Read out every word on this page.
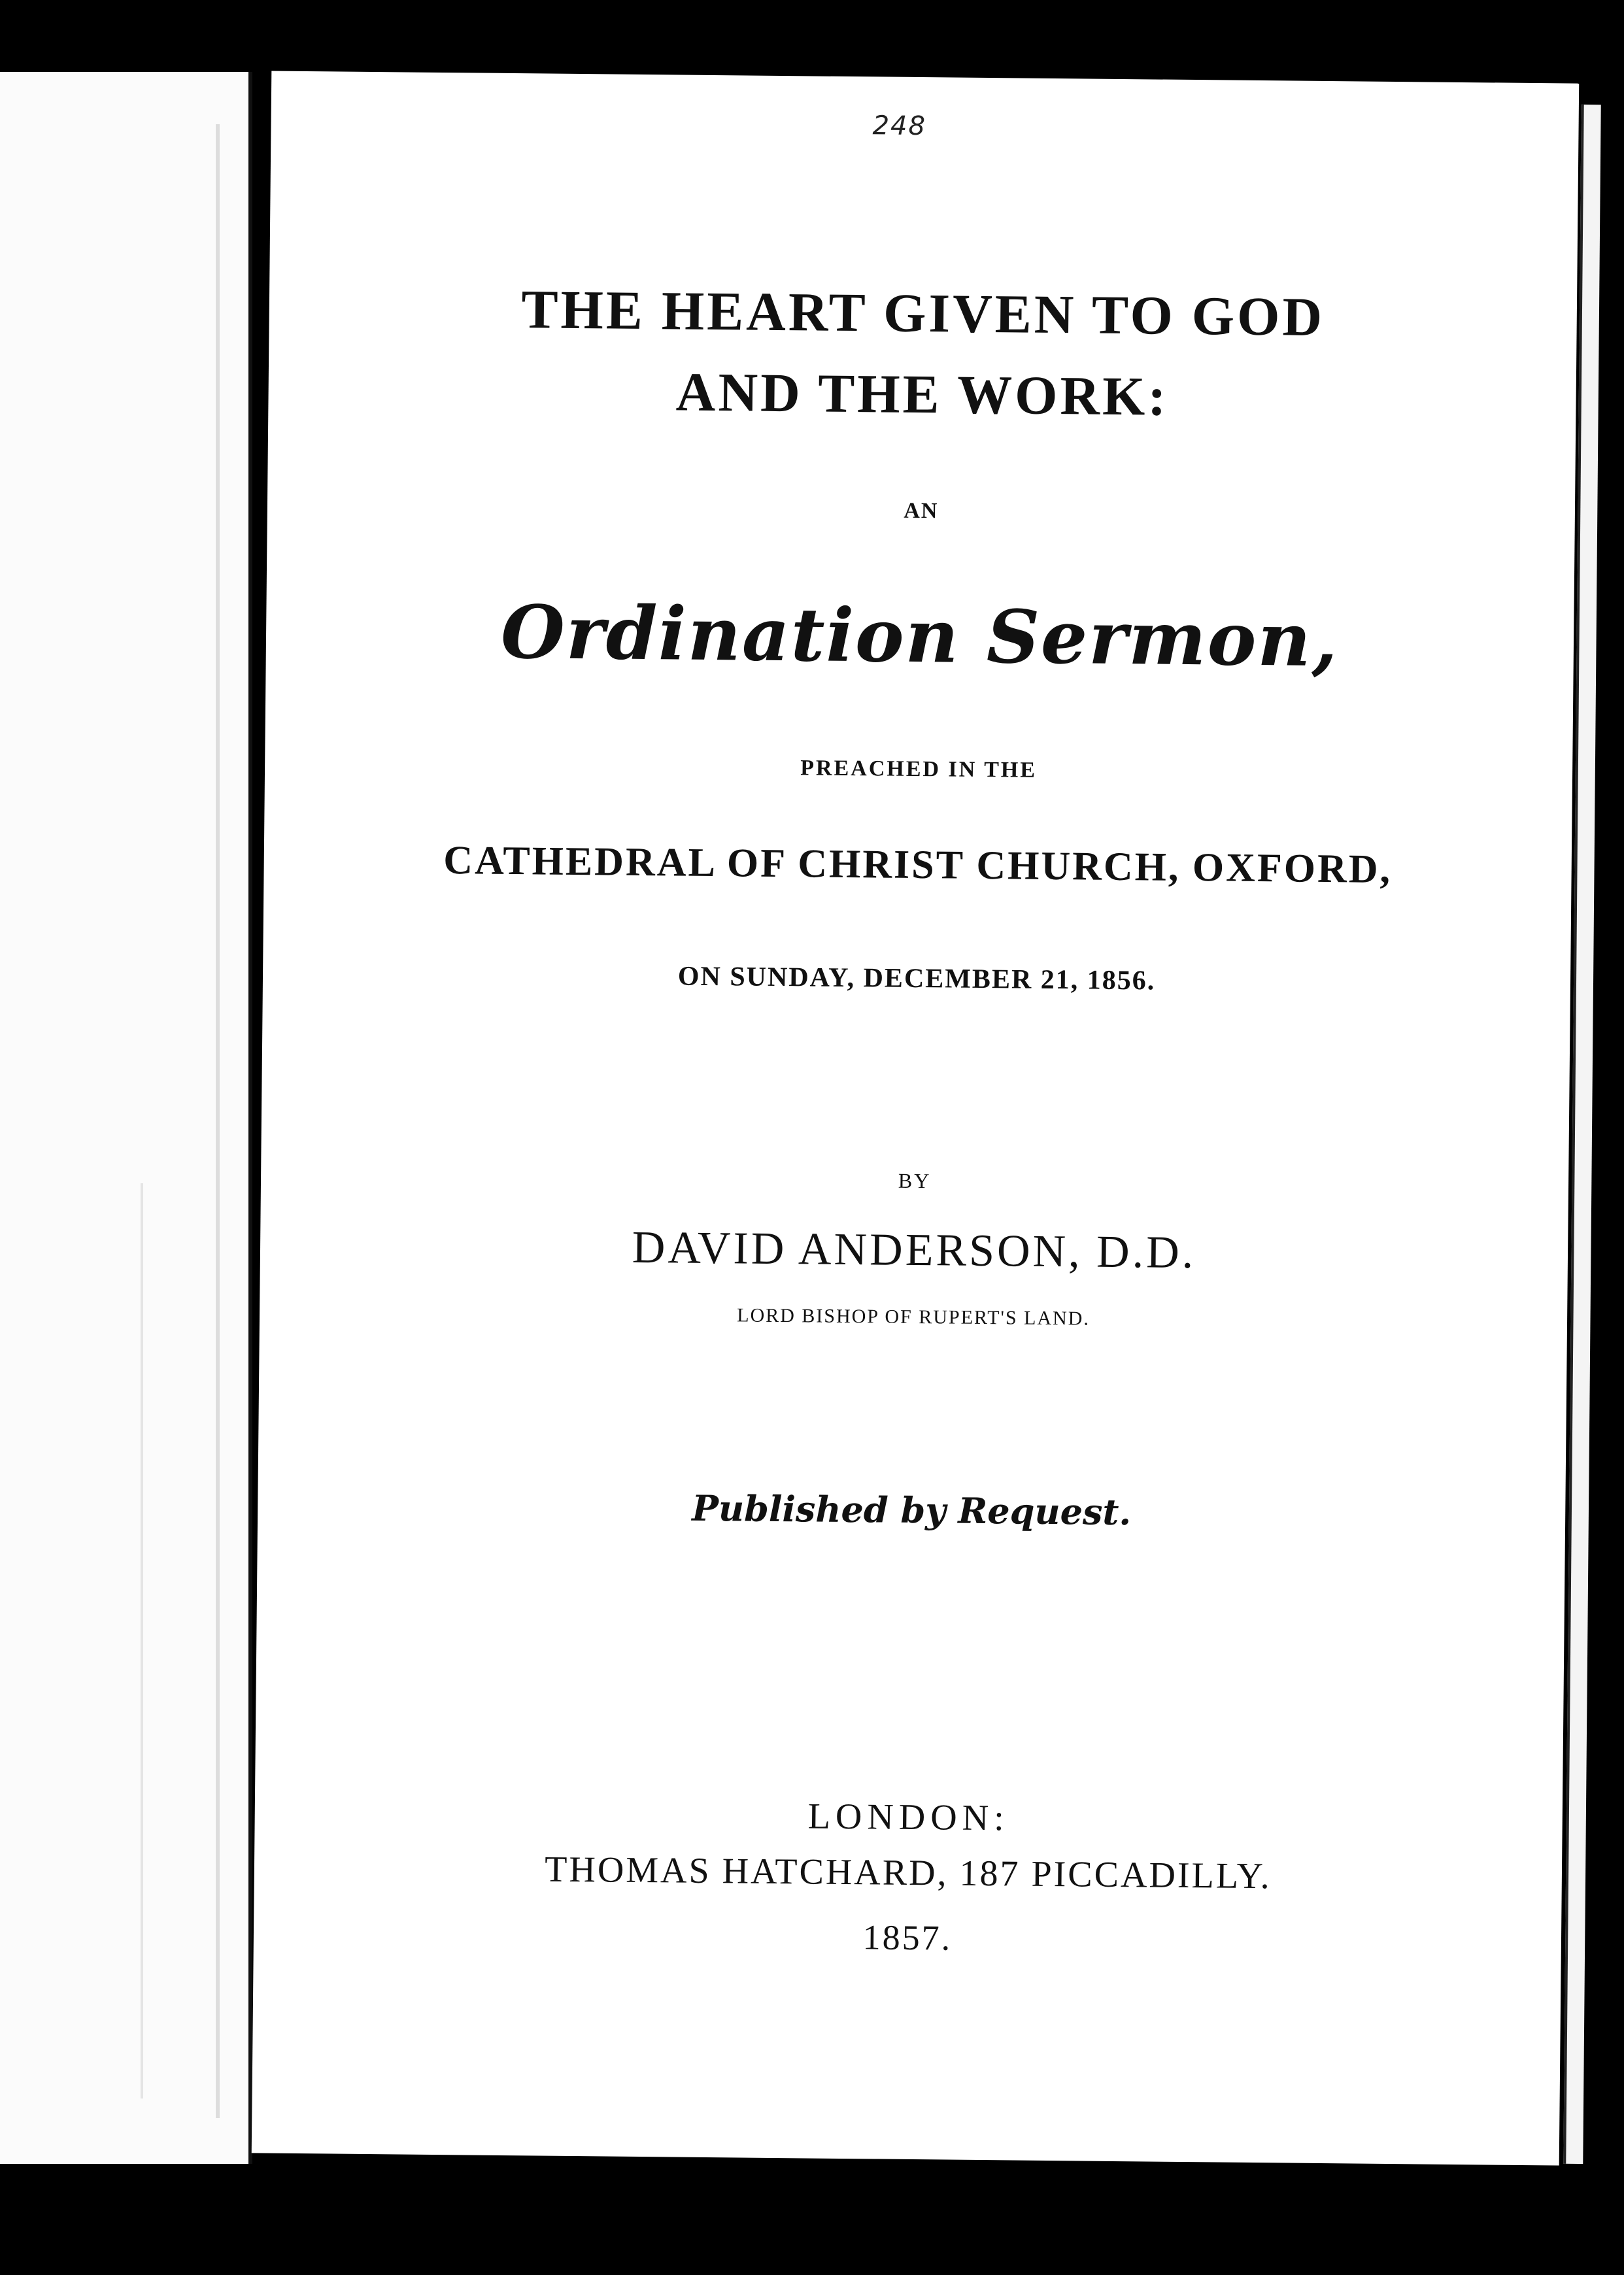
248
THE HEART GIVEN TO GOD
AND THE WORK:
AN
Ordination Sermon,
PREACHED IN THE
CATHEDRAL OF CHRIST CHURCH, OXFORD,
ON SUNDAY, DECEMBER 21, 1856.
BY
DAVID ANDERSON, D.D.
LORD BISHOP OF RUPERT'S LAND.
Published by Request.
LONDON:
THOMAS HATCHARD, 187 PICCADILLY.
1857.
